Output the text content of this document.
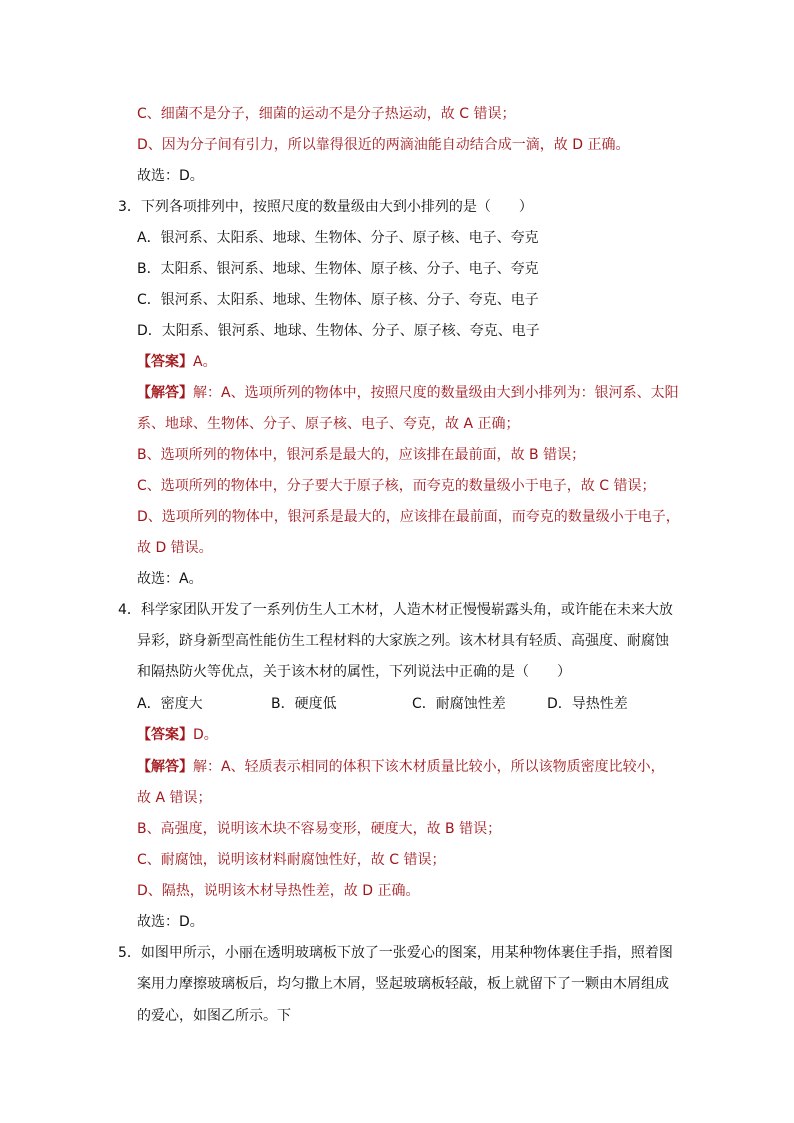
C、细菌不是分子，细菌的运动不是分子热运动，故 C 错误；
D、因为分子间有引力，所以靠得很近的两滴油能自动结合成一滴，故 D 正确。
故选：D。
3．下列各项排列中，按照尺度的数量级由大到小排列的是（　　）
A．银河系、太阳系、地球、生物体、分子、原子核、电子、夸克
B．太阳系、银河系、地球、生物体、原子核、分子、电子、夸克
C．银河系、太阳系、地球、生物体、原子核、分子、夸克、电子
D．太阳系、银河系、地球、生物体、分子、原子核、夸克、电子
【答案】A。
【解答】解：A、选项所列的物体中，按照尺度的数量级由大到小排列为：银河系、太阳
系、地球、生物体、分子、原子核、电子、夸克，故 A 正确；
B、选项所列的物体中，银河系是最大的，应该排在最前面，故 B 错误；
C、选项所列的物体中，分子要大于原子核，而夸克的数量级小于电子，故 C 错误；
D、选项所列的物体中，银河系是最大的，应该排在最前面，而夸克的数量级小于电子，
故 D 错误。
故选：A。
4．科学家团队开发了一系列仿生人工木材，人造木材正慢慢崭露头角，或许能在未来大放
异彩，跻身新型高性能仿生工程材料的大家族之列。该木材具有轻质、高强度、耐腐蚀
和隔热防火等优点，关于该木材的属性，下列说法中正确的是（　　）
A．密度大	B．硬度低	C．耐腐蚀性差	D．导热性差
【答案】D。
【解答】解：A、轻质表示相同的体积下该木材质量比较小，所以该物质密度比较小，
故 A 错误；
B、高强度，说明该木块不容易变形，硬度大，故 B 错误；
C、耐腐蚀，说明该材料耐腐蚀性好，故 C 错误；
D、隔热，说明该木材导热性差，故 D 正确。
故选：D。
5．如图甲所示，小丽在透明玻璃板下放了一张爱心的图案，用某种物体裹住手指，照着图
案用力摩擦玻璃板后，均匀撒上木屑，竖起玻璃板轻敲，板上就留下了一颗由木屑组成
的爱心，如图乙所示。下
